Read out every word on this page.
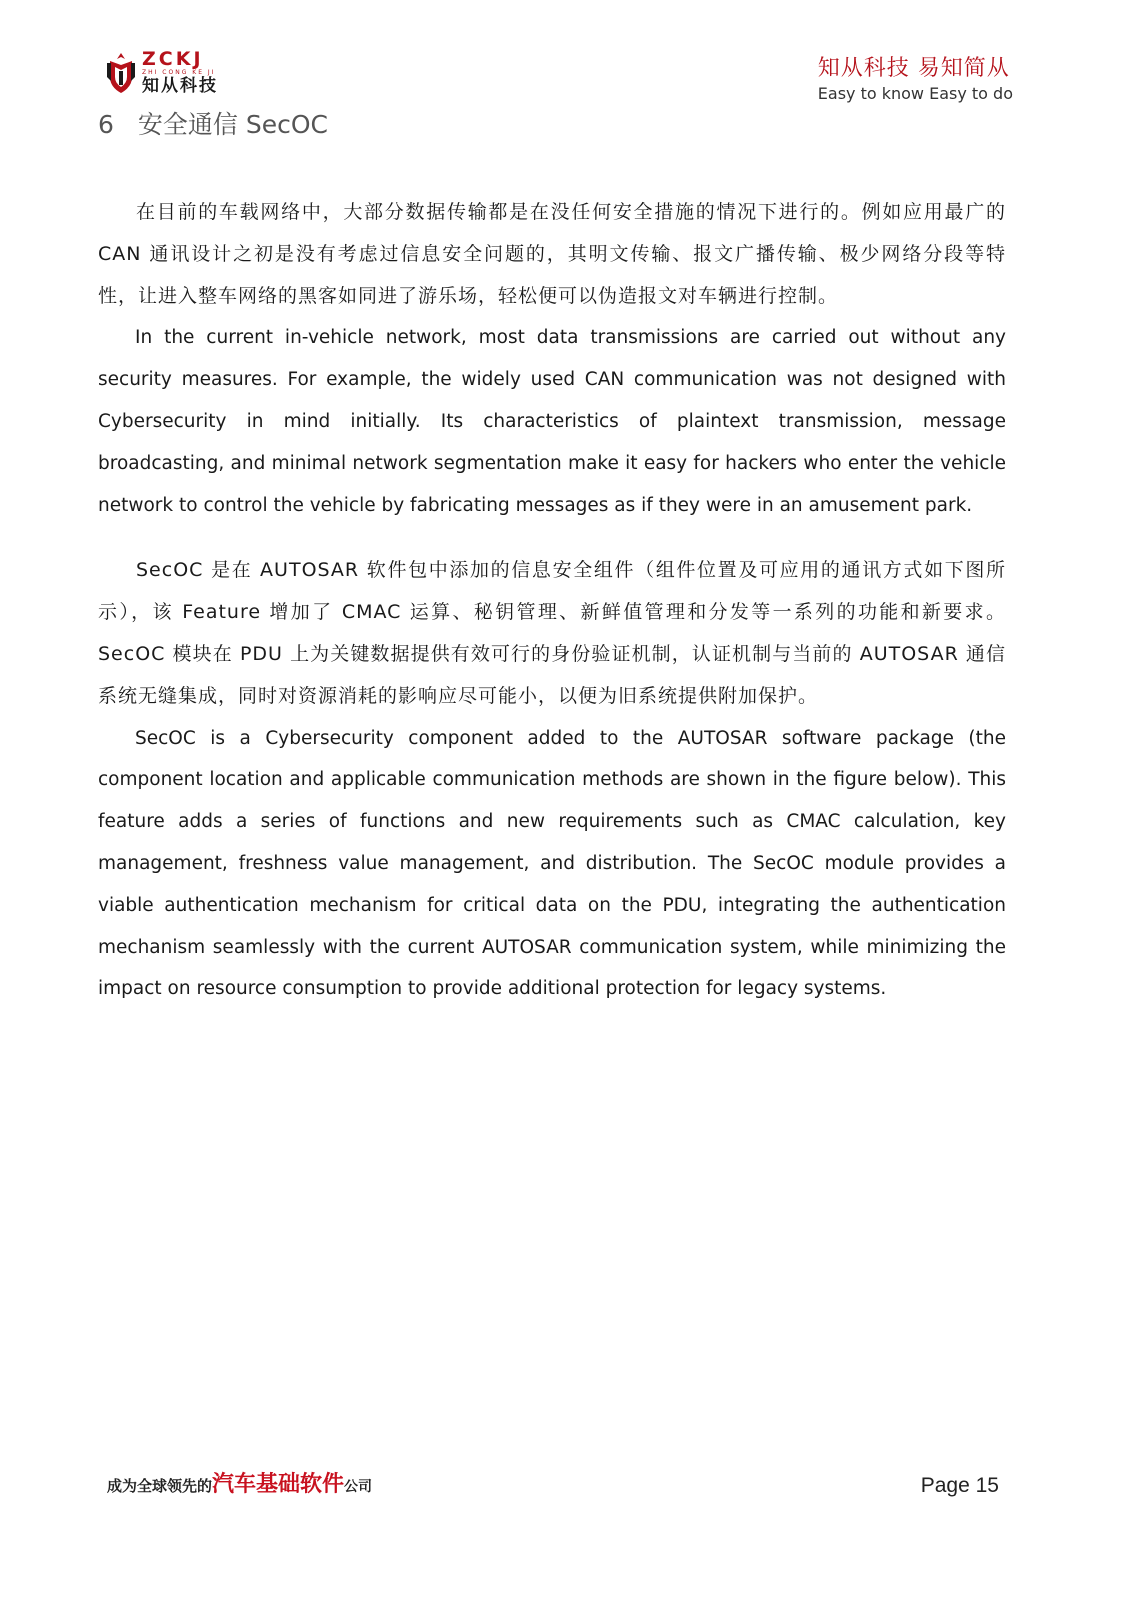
ZCKJ
ZHI CONG KE JI
知从科技
知从科技 易知简从
Easy to know Easy to do
6 安全通信 SecOC

在目前的车载网络中，大部分数据传输都是在没任何安全措施的情况下进行的。例如应用最广的 CAN 通讯设计之初是没有考虑过信息安全问题的，其明文传输、报文广播传输、极少网络分段等特性，让进入整车网络的黑客如同进了游乐场，轻松便可以伪造报文对车辆进行控制。

In the current in-vehicle network, most data transmissions are carried out without any security measures. For example, the widely used CAN communication was not designed with Cybersecurity in mind initially. Its characteristics of plaintext transmission, message broadcasting, and minimal network segmentation make it easy for hackers who enter the vehicle network to control the vehicle by fabricating messages as if they were in an amusement park.

SecOC 是在 AUTOSAR 软件包中添加的信息安全组件（组件位置及可应用的通讯方式如下图所示），该 Feature 增加了 CMAC 运算、秘钥管理、新鲜值管理和分发等一系列的功能和新要求。SecOC 模块在 PDU 上为关键数据提供有效可行的身份验证机制，认证机制与当前的 AUTOSAR 通信系统无缝集成，同时对资源消耗的影响应尽可能小，以便为旧系统提供附加保护。

SecOC is a Cybersecurity component added to the AUTOSAR software package (the component location and applicable communication methods are shown in the figure below). This feature adds a series of functions and new requirements such as CMAC calculation, key management, freshness value management, and distribution. The SecOC module provides a viable authentication mechanism for critical data on the PDU, integrating the authentication mechanism seamlessly with the current AUTOSAR communication system, while minimizing the impact on resource consumption to provide additional protection for legacy systems.

成为全球领先的汽车基础软件公司	Page 15
